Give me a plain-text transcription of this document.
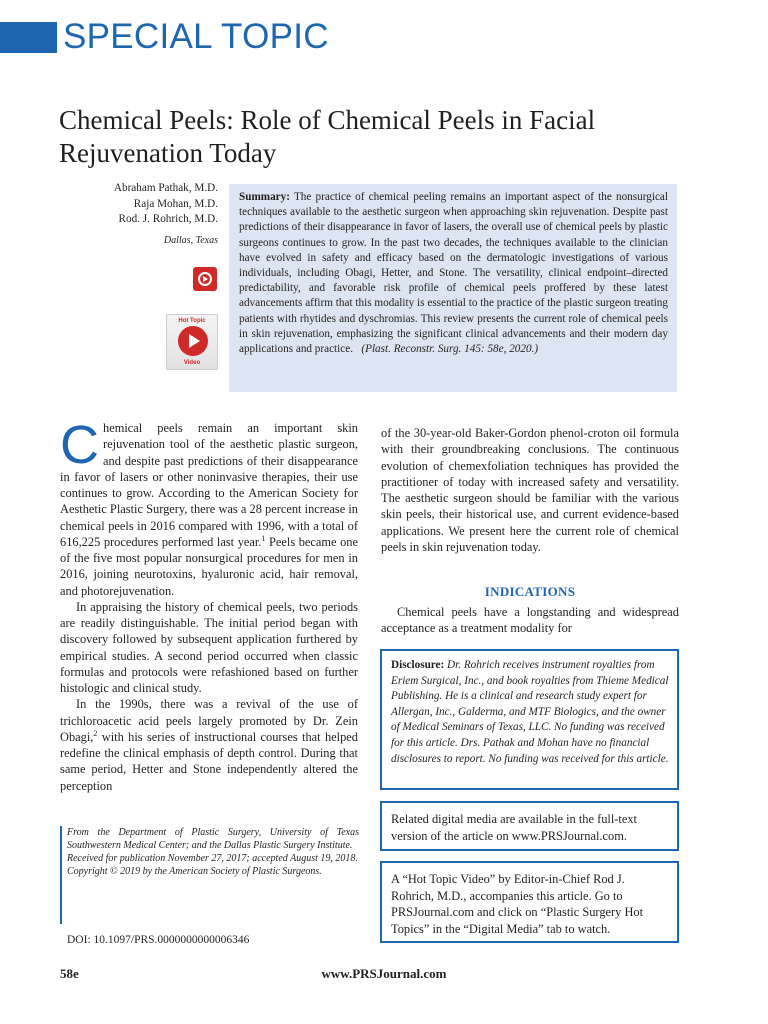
SPECIAL TOPIC
Chemical Peels: Role of Chemical Peels in Facial Rejuvenation Today
Abraham Pathak, M.D.
Raja Mohan, M.D.
Rod. J. Rohrich, M.D.
Dallas, Texas
Hot Topic
Video
Summary: The practice of chemical peeling remains an important aspect of the nonsurgical techniques available to the aesthetic surgeon when approaching skin rejuvenation. Despite past predictions of their disappearance in favor of lasers, the overall use of chemical peels by plastic surgeons continues to grow. In the past two decades, the techniques available to the clinician have evolved in safety and efficacy based on the dermatologic investigations of various individuals, including Obagi, Hetter, and Stone. The versatility, clinical endpoint–directed predictability, and favorable risk profile of chemical peels proffered by these latest advancements affirm that this modality is essential to the practice of the plastic surgeon treating patients with rhytides and dyschromias. This review presents the current role of chemical peels in skin rejuvenation, emphasizing the significant clinical advancements and their modern day applications and practice. (Plast. Reconstr. Surg. 145: 58e, 2020.)

Chemical peels remain an important skin rejuvenation tool of the aesthetic plastic surgeon, and despite past predictions of their disappearance in favor of lasers or other noninvasive therapies, their use continues to grow. According to the American Society for Aesthetic Plastic Surgery, there was a 28 percent increase in chemical peels in 2016 compared with 1996, with a total of 616,225 procedures performed last year.$^1$ Peels became one of the five most popular nonsurgical procedures for men in 2016, joining neurotoxins, hyaluronic acid, hair removal, and photorejuvenation.

In appraising the history of chemical peels, two periods are readily distinguishable. The initial period began with discovery followed by subsequent application furthered by empirical studies. A second period occurred when classic formulas and protocols were refashioned based on further histologic and clinical study.

In the 1990s, there was a revival of the use of trichloroacetic acid peels largely promoted by Dr. Zein Obagi,$^2$ with his series of instructional courses that helped redefine the clinical emphasis of depth control. During that same period, Hetter and Stone independently altered the perception

of the 30-year-old Baker-Gordon phenol-croton oil formula with their groundbreaking conclusions. The continuous evolution of chemexfoliation techniques has provided the practitioner of today with increased safety and versatility. The aesthetic surgeon should be familiar with the various skin peels, their historical use, and current evidence-based applications. We present here the current role of chemical peels in skin rejuvenation today.

INDICATIONS

Chemical peels have a longstanding and widespread acceptance as a treatment modality for

Disclosure: Dr. Rohrich receives instrument royalties from Eriem Surgical, Inc., and book royalties from Thieme Medical Publishing. He is a clinical and research study expert for Allergan, Inc., Galderma, and MTF Biologics, and the owner of Medical Seminars of Texas, LLC. No funding was received for this article. Drs. Pathak and Mohan have no financial disclosures to report. No funding was received for this article.
Related digital media are available in the full-text version of the article on www.PRSJournal.com.
A “Hot Topic Video” by Editor-in-Chief Rod J. Rohrich, M.D., accompanies this article. Go to PRSJournal.com and click on “Plastic Surgery Hot Topics” in the “Digital Media” tab to watch.

From the Department of Plastic Surgery, University of Texas Southwestern Medical Center; and the Dallas Plastic Surgery Institute.

Received for publication November 27, 2017; accepted August 19, 2018.

Copyright © 2019 by the American Society of Plastic Surgeons.

DOI: 10.1097/PRS.0000000000006346
58e	www.PRSJournal.com
